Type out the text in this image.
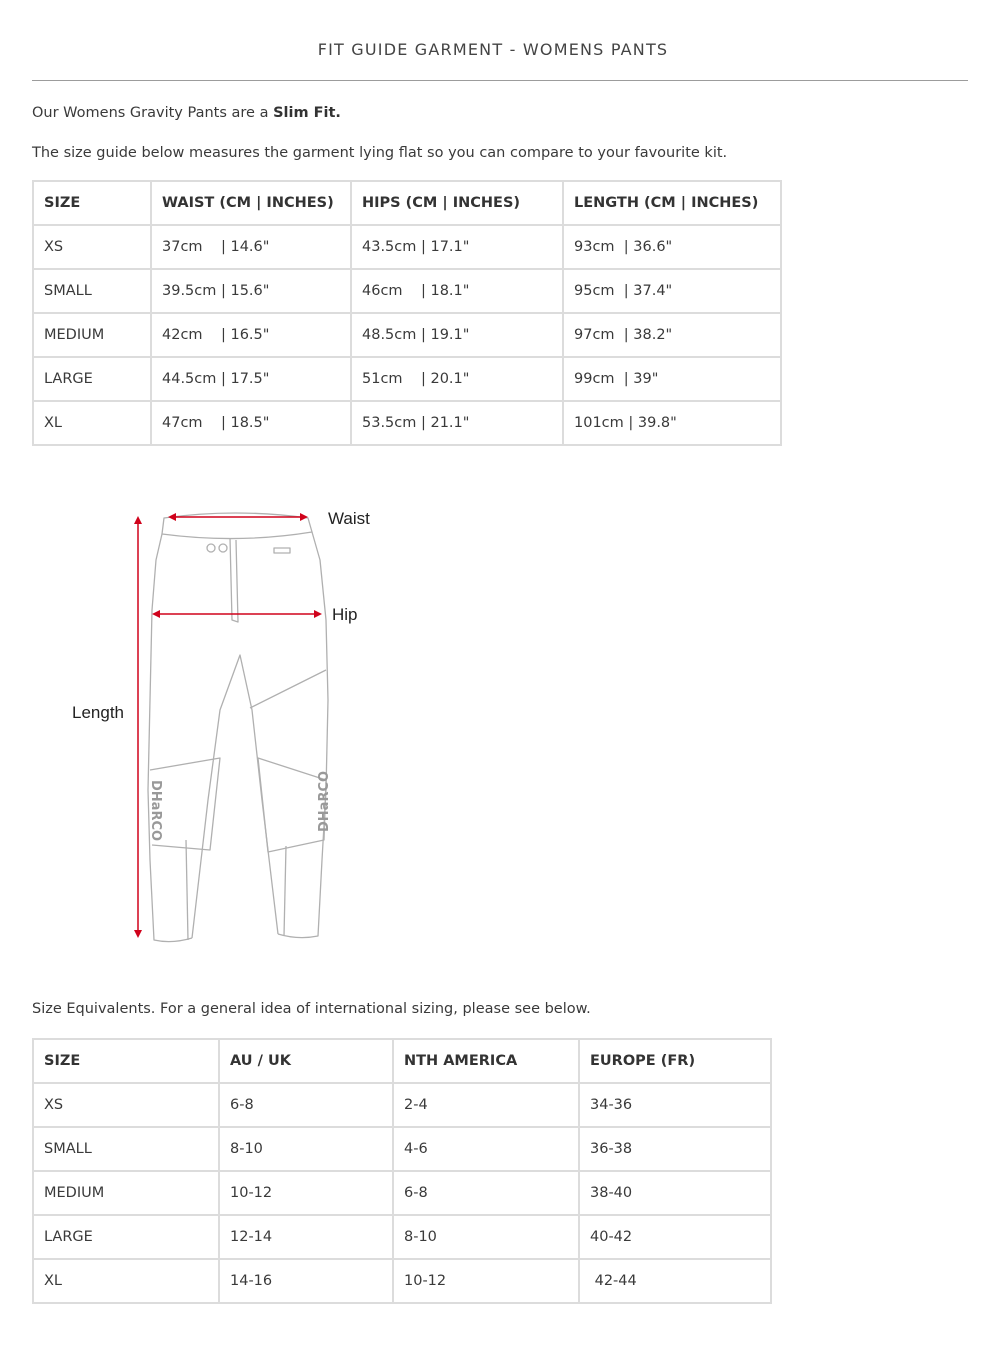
FIT GUIDE GARMENT - WOMENS PANTS
Our Womens Gravity Pants are a Slim Fit.
The size guide below measures the garment lying flat so you can compare to your favourite kit.
SIZE	WAIST (CM | INCHES)	HIPS (CM | INCHES)	LENGTH (CM | INCHES)
XS	37cm    | 14.6"	43.5cm | 17.1"	93cm  | 36.6"
SMALL	39.5cm | 15.6"	46cm    | 18.1"	95cm  | 37.4"
MEDIUM	42cm    | 16.5"	48.5cm | 19.1"	97cm  | 38.2"
LARGE	44.5cm | 17.5"	51cm    | 20.1"	99cm  | 39"
XL	47cm    | 18.5"	53.5cm | 21.1"	101cm | 39.8"
DHaRCO	DHaRCO
Waist
Hip
Length
Size Equivalents. For a general idea of international sizing, please see below.
SIZE	AU / UK	NTH AMERICA	EUROPE (FR)
XS	6-8	2-4	34-36
SMALL	8-10	4-6	36-38
MEDIUM	10-12	6-8	38-40
LARGE	12-14	8-10	40-42
XL	14-16	10-12	42-44
